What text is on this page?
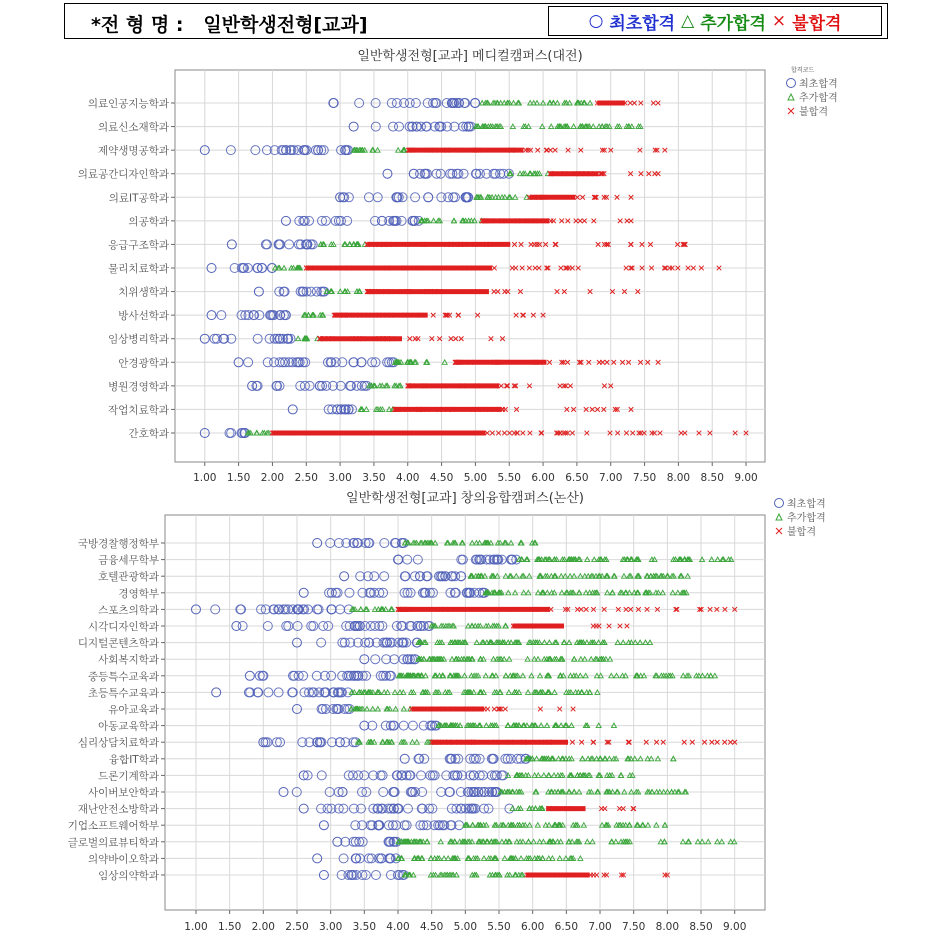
*전 형 명 : 일반학생전형[교과]	○ 최초합격 △ 추가합격 × 불합격
일반학생전형[교과] 메디컬캠퍼스(대전)
1.00 1.50 2.00 2.50 3.00 3.50 4.00 4.50 5.00 5.50 6.00 6.50 7.00 7.50 8.00 8.50 9.00
의료인공지능학과
의료신소재학과
제약생명공학과
의료공간디자인학과
의료IT공학과
의공학과
응급구조학과
물리치료학과
치위생학과
방사선학과
임상병리학과
안경광학과
병원경영학과
작업치료학과
간호학과
합격코드
최초합격
추가합격
불합격
일반학생전형[교과] 창의융합캠퍼스(논산)
1.00 1.50 2.00 2.50 3.00 3.50 4.00 4.50 5.00 5.50 6.00 6.50 7.00 7.50 8.00 8.50 9.00
국방경찰행정학부
금융세무학부
호텔관광학과
경영학부
스포츠의학과
시각디자인학과
디지털콘텐츠학과
사회복지학과
중등특수교육과
초등특수교육과
유아교육과
아동교육학과
심리상담치료학과
융합IT학과
드론기계학과
사이버보안학과
재난안전소방학과
기업소프트웨어학부
글로벌의료뷰티학과
의약바이오학과
임상의약학과
최초합격
추가합격
불합격
